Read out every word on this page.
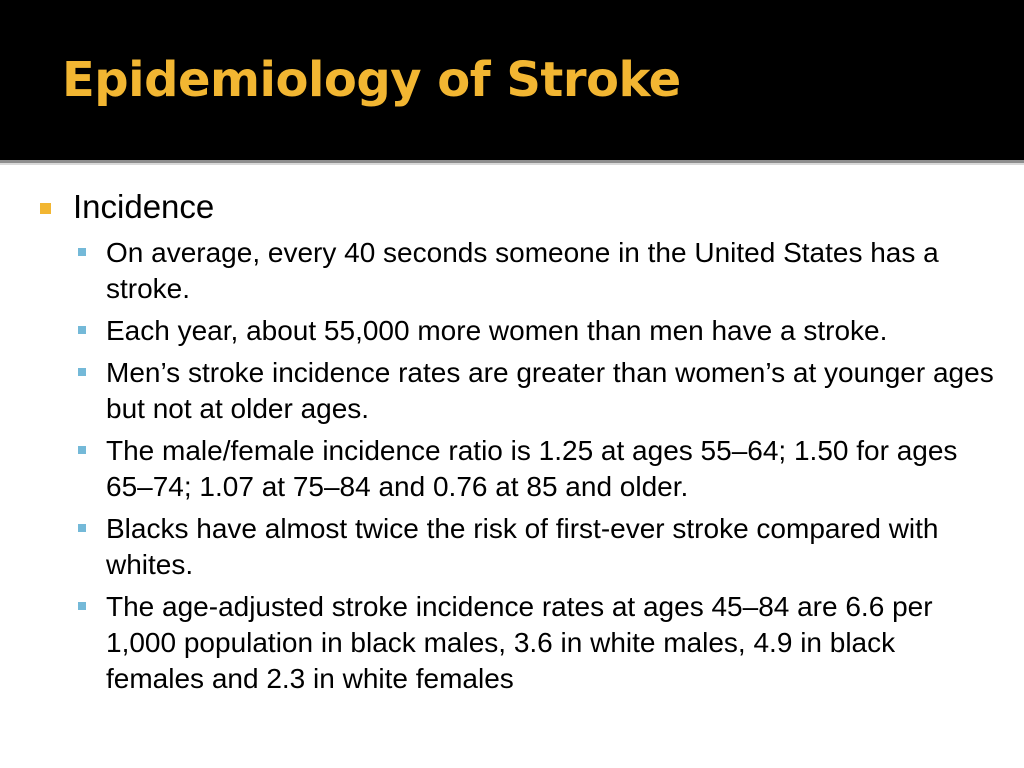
Epidemiology of Stroke
Incidence
On average, every 40 seconds someone in the United States has a stroke.
Each year, about 55,000 more women than men have a stroke.
Men’s stroke incidence rates are greater than women’s at younger ages but not at older ages.
The male/female incidence ratio is 1.25 at ages 55–64; 1.50 for ages 65–74; 1.07 at 75–84 and 0.76 at 85 and older.
Blacks have almost twice the risk of first-ever stroke compared with whites.
The age-adjusted stroke incidence rates at ages 45–84 are 6.6 per 1,000 population in black males, 3.6 in white males, 4.9 in black females and 2.3 in white females
